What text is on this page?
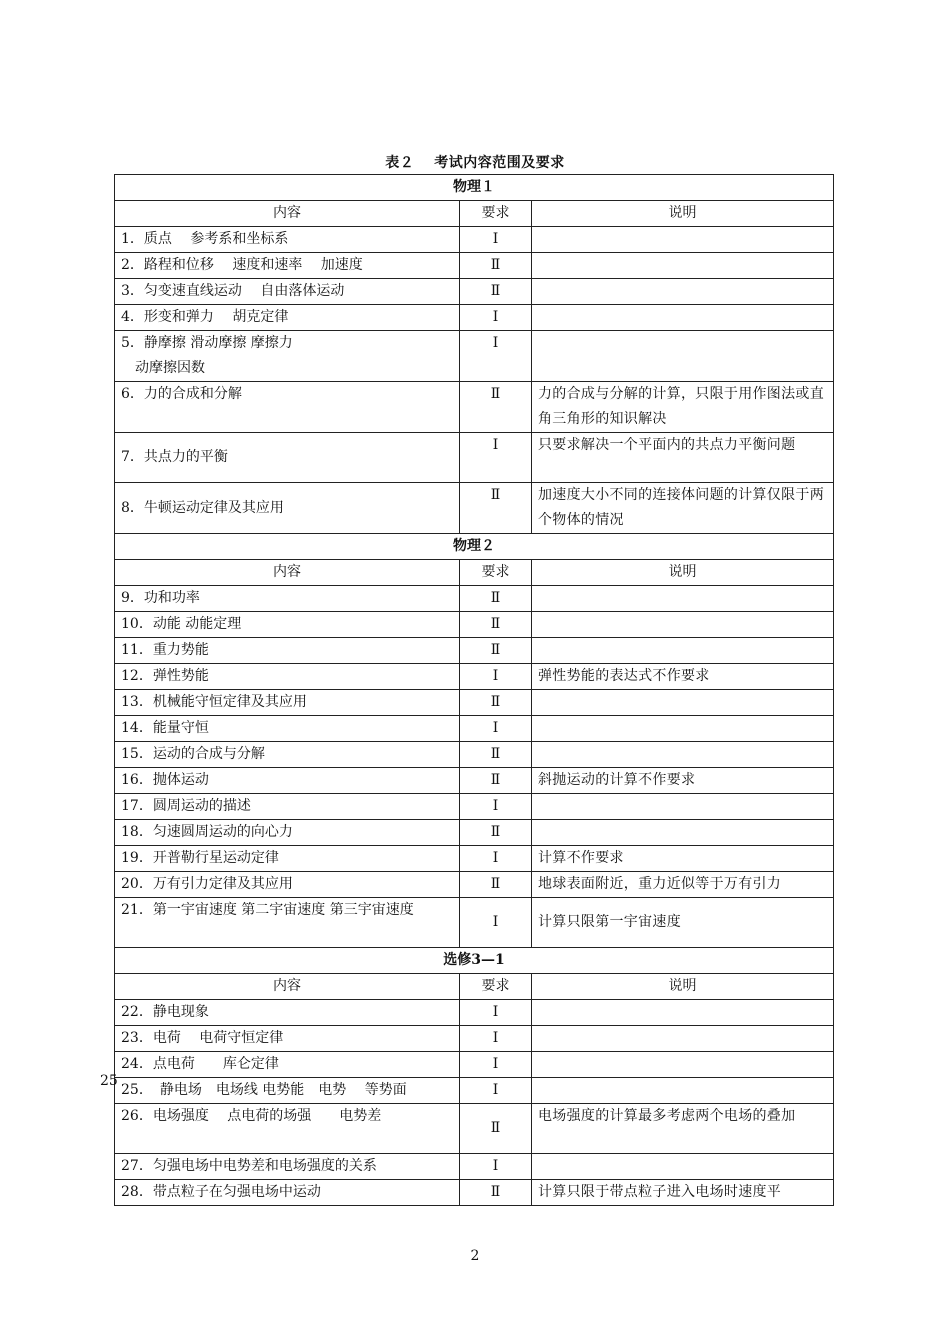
表２ 考试内容范围及要求
物理１		
内容	要求	说明
1．质点　 参考系和坐标系	Ⅰ	
2．路程和位移　 速度和速率　 加速度	Ⅱ	
3．匀变速直线运动　 自由落体运动	Ⅱ	
4．形变和弹力　 胡克定律	Ⅰ	
5．静摩擦 滑动摩擦 摩擦力
　动摩擦因数	Ⅰ	
6．力的合成和分解	Ⅱ	力的合成与分解的计算，只限于用作图法或直角三角形的知识解决
7．共点力的平衡	Ⅰ	只要求解决一个平面内的共点力平衡问题
8．牛顿运动定律及其应用	Ⅱ	加速度大小不同的连接体问题的计算仅限于两个物体的情况
物理２		
内容	要求	说明
9．功和功率	Ⅱ	
10．动能 动能定理	Ⅱ	
11．重力势能	Ⅱ	
12．弹性势能	Ⅰ	弹性势能的表达式不作要求
13．机械能守恒定律及其应用	Ⅱ	
14．能量守恒	Ⅰ	
15．运动的合成与分解	Ⅱ	
16．抛体运动	Ⅱ	斜抛运动的计算不作要求
17．圆周运动的描述	Ⅰ	
18．匀速圆周运动的向心力	Ⅱ	
19．开普勒行星运动定律	Ⅰ	计算不作要求
20．万有引力定律及其应用	Ⅱ	地球表面附近，重力近似等于万有引力
21．第一宇宙速度 第二宇宙速度 第三宇宙速度	Ⅰ	计算只限第一宇宙速度
选修3—1		
内容	要求	说明
22．静电现象	Ⅰ	
23．电荷　 电荷守恒定律	Ⅰ	
24．点电荷　　库仑定律	Ⅰ	
25．　静电场　电场线 电势能　电势　 等势面	Ⅰ	
26．电场强度　 点电荷的场强　　电势差	Ⅱ	电场强度的计算最多考虑两个电场的叠加
27．匀强电场中电势差和电场强度的关系	Ⅰ	
28．带点粒子在匀强电场中运动	Ⅱ	计算只限于带点粒子进入电场时速度平
25
2
